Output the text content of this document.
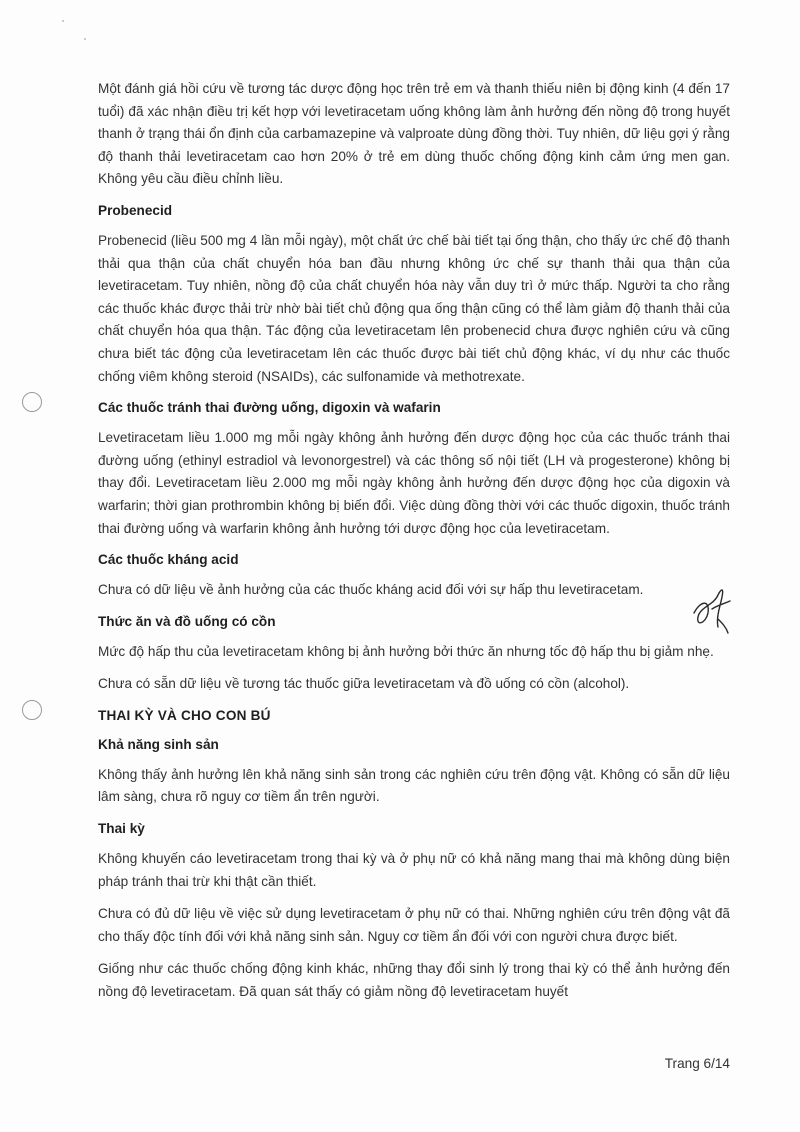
Một đánh giá hồi cứu về tương tác dược động học trên trẻ em và thanh thiếu niên bị động kinh (4 đến 17 tuổi) đã xác nhận điều trị kết hợp với levetiracetam uống không làm ảnh hưởng đến nồng độ trong huyết thanh ở trạng thái ổn định của carbamazepine và valproate dùng đồng thời. Tuy nhiên, dữ liệu gợi ý rằng độ thanh thải levetiracetam cao hơn 20% ở trẻ em dùng thuốc chống động kinh cảm ứng men gan. Không yêu cầu điều chỉnh liều.

Probenecid

Probenecid (liều 500 mg 4 lần mỗi ngày), một chất ức chế bài tiết tại ống thận, cho thấy ức chế độ thanh thải qua thận của chất chuyển hóa ban đầu nhưng không ức chế sự thanh thải qua thận của levetiracetam. Tuy nhiên, nồng độ của chất chuyển hóa này vẫn duy trì ở mức thấp. Người ta cho rằng các thuốc khác được thải trừ nhờ bài tiết chủ động qua ống thận cũng có thể làm giảm độ thanh thải của chất chuyển hóa qua thận. Tác động của levetiracetam lên probenecid chưa được nghiên cứu và cũng chưa biết tác động của levetiracetam lên các thuốc được bài tiết chủ động khác, ví dụ như các thuốc chống viêm không steroid (NSAIDs), các sulfonamide và methotrexate.

Các thuốc tránh thai đường uống, digoxin và wafarin

Levetiracetam liều 1.000 mg mỗi ngày không ảnh hưởng đến dược động học của các thuốc tránh thai đường uống (ethinyl estradiol và levonorgestrel) và các thông số nội tiết (LH và progesterone) không bị thay đổi. Levetiracetam liều 2.000 mg mỗi ngày không ảnh hưởng đến dược động học của digoxin và warfarin; thời gian prothrombin không bị biến đổi. Việc dùng đồng thời với các thuốc digoxin, thuốc tránh thai đường uống và warfarin không ảnh hưởng tới dược động học của levetiracetam.

Các thuốc kháng acid

Chưa có dữ liệu về ảnh hưởng của các thuốc kháng acid đối với sự hấp thu levetiracetam.

Thức ăn và đồ uống có cồn

Mức độ hấp thu của levetiracetam không bị ảnh hưởng bởi thức ăn nhưng tốc độ hấp thu bị giảm nhẹ.

Chưa có sẵn dữ liệu về tương tác thuốc giữa levetiracetam và đồ uống có cồn (alcohol).

THAI KỲ VÀ CHO CON BÚ
Khả năng sinh sản

Không thấy ảnh hưởng lên khả năng sinh sản trong các nghiên cứu trên động vật. Không có sẵn dữ liệu lâm sàng, chưa rõ nguy cơ tiềm ẩn trên người.

Thai kỳ

Không khuyến cáo levetiracetam trong thai kỳ và ở phụ nữ có khả năng mang thai mà không dùng biện pháp tránh thai trừ khi thật cần thiết.

Chưa có đủ dữ liệu về việc sử dụng levetiracetam ở phụ nữ có thai. Những nghiên cứu trên động vật đã cho thấy độc tính đối với khả năng sinh sản. Nguy cơ tiềm ẩn đối với con người chưa được biết.

Giống như các thuốc chống động kinh khác, những thay đổi sinh lý trong thai kỳ có thể ảnh hưởng đến nồng độ levetiracetam. Đã quan sát thấy có giảm nồng độ levetiracetam huyết

Trang 6/14
